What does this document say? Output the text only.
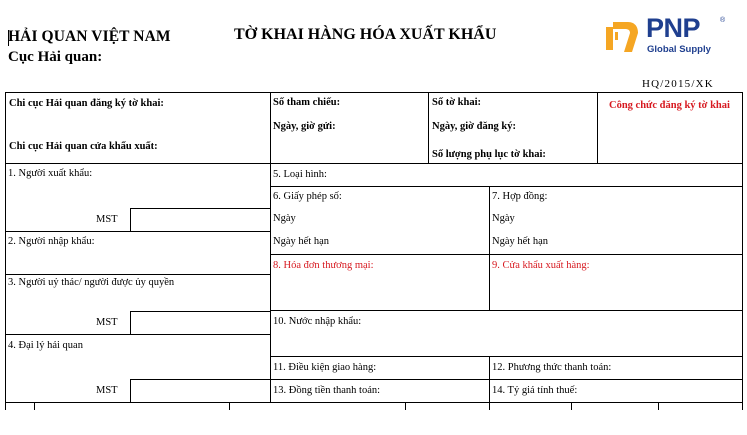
HẢI QUAN VIỆT NAM
Cục Hải quan:
TỜ KHAI HÀNG HÓA XUẤT KHẨU	PNP	®
Global Supply
HQ/2015/XK
Chi cục Hải quan đăng ký tờ khai:
Chi cục Hải quan cửa khẩu xuất:
Số tham chiếu:
Ngày, giờ gửi:
Số tờ khai:
Ngày, giờ đăng ký:
Số lượng phụ lục tờ khai:
Công chức đăng ký tờ khai
1. Người xuất khẩu:
MST
2. Người nhập khẩu:
3. Người uỷ thác/ người được ủy quyền
MST
4. Đại lý hải quan
MST
5. Loại hình:
6. Giấy phép số:
Ngày
Ngày hết hạn
7. Hợp đồng:
Ngày
Ngày hết hạn
8. Hóa đơn thương mại:	9. Cửa khẩu xuất hàng:
10. Nước nhập khẩu:
11. Điều kiện giao hàng:	12. Phương thức thanh toán:
13. Đồng tiền thanh toán:	14. Tỷ giá tính thuế:
